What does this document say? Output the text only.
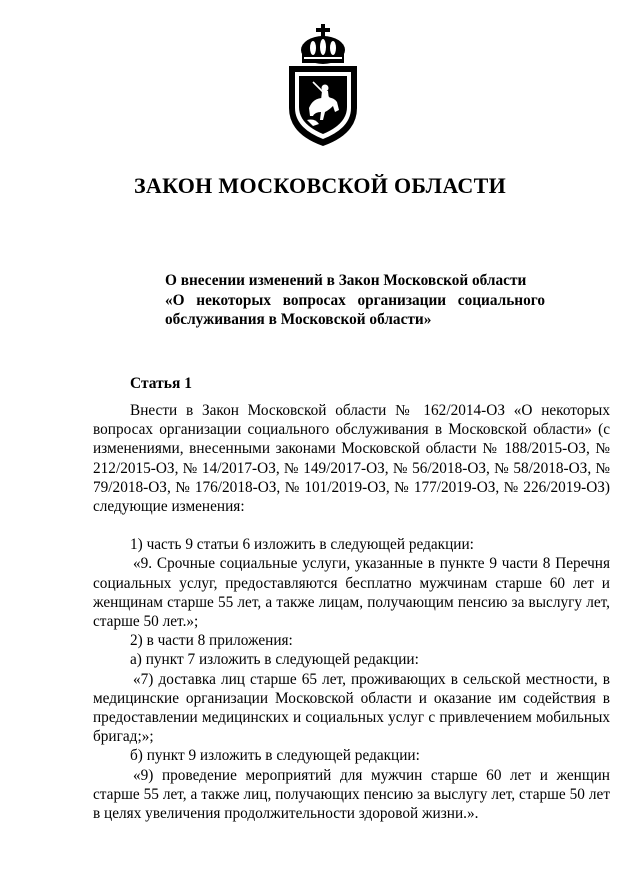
ЗАКОН МОСКОВСКОЙ ОБЛАСТИ
О внесении изменений в Закон Московской области
«О некоторых вопросах организации социального
обслуживания в Московской области»
Статья 1

Внести в Закон Московской области № 162/2014-ОЗ «О некоторых вопросах организации социального обслуживания в Московской области» (с изменениями, внесенными законами Московской области № 188/2015-ОЗ, № 212/2015-ОЗ, № 14/2017-ОЗ, № 149/2017-ОЗ, № 56/2018-ОЗ, № 58/2018-ОЗ, № 79/2018-ОЗ, № 176/2018-ОЗ, № 101/2019-ОЗ, № 177/2019-ОЗ, № 226/2019-ОЗ) следующие изменения:

1) часть 9 статьи 6 изложить в следующей редакции:

«9. Срочные социальные услуги, указанные в пункте 9 части 8 Перечня социальных услуг, предоставляются бесплатно мужчинам старше 60 лет и женщинам старше 55 лет, а также лицам, получающим пенсию за выслугу лет, старше 50 лет.»;

2) в части 8 приложения:

а) пункт 7 изложить в следующей редакции:

«7) доставка лиц старше 65 лет, проживающих в сельской местности, в медицинские организации Московской области и оказание им содействия в предоставлении медицинских и социальных услуг с привлечением мобильных бригад;»;

б) пункт 9 изложить в следующей редакции:

«9) проведение мероприятий для мужчин старше 60 лет и женщин старше 55 лет, а также лиц, получающих пенсию за выслугу лет, старше 50 лет в целях увеличения продолжительности здоровой жизни.».
